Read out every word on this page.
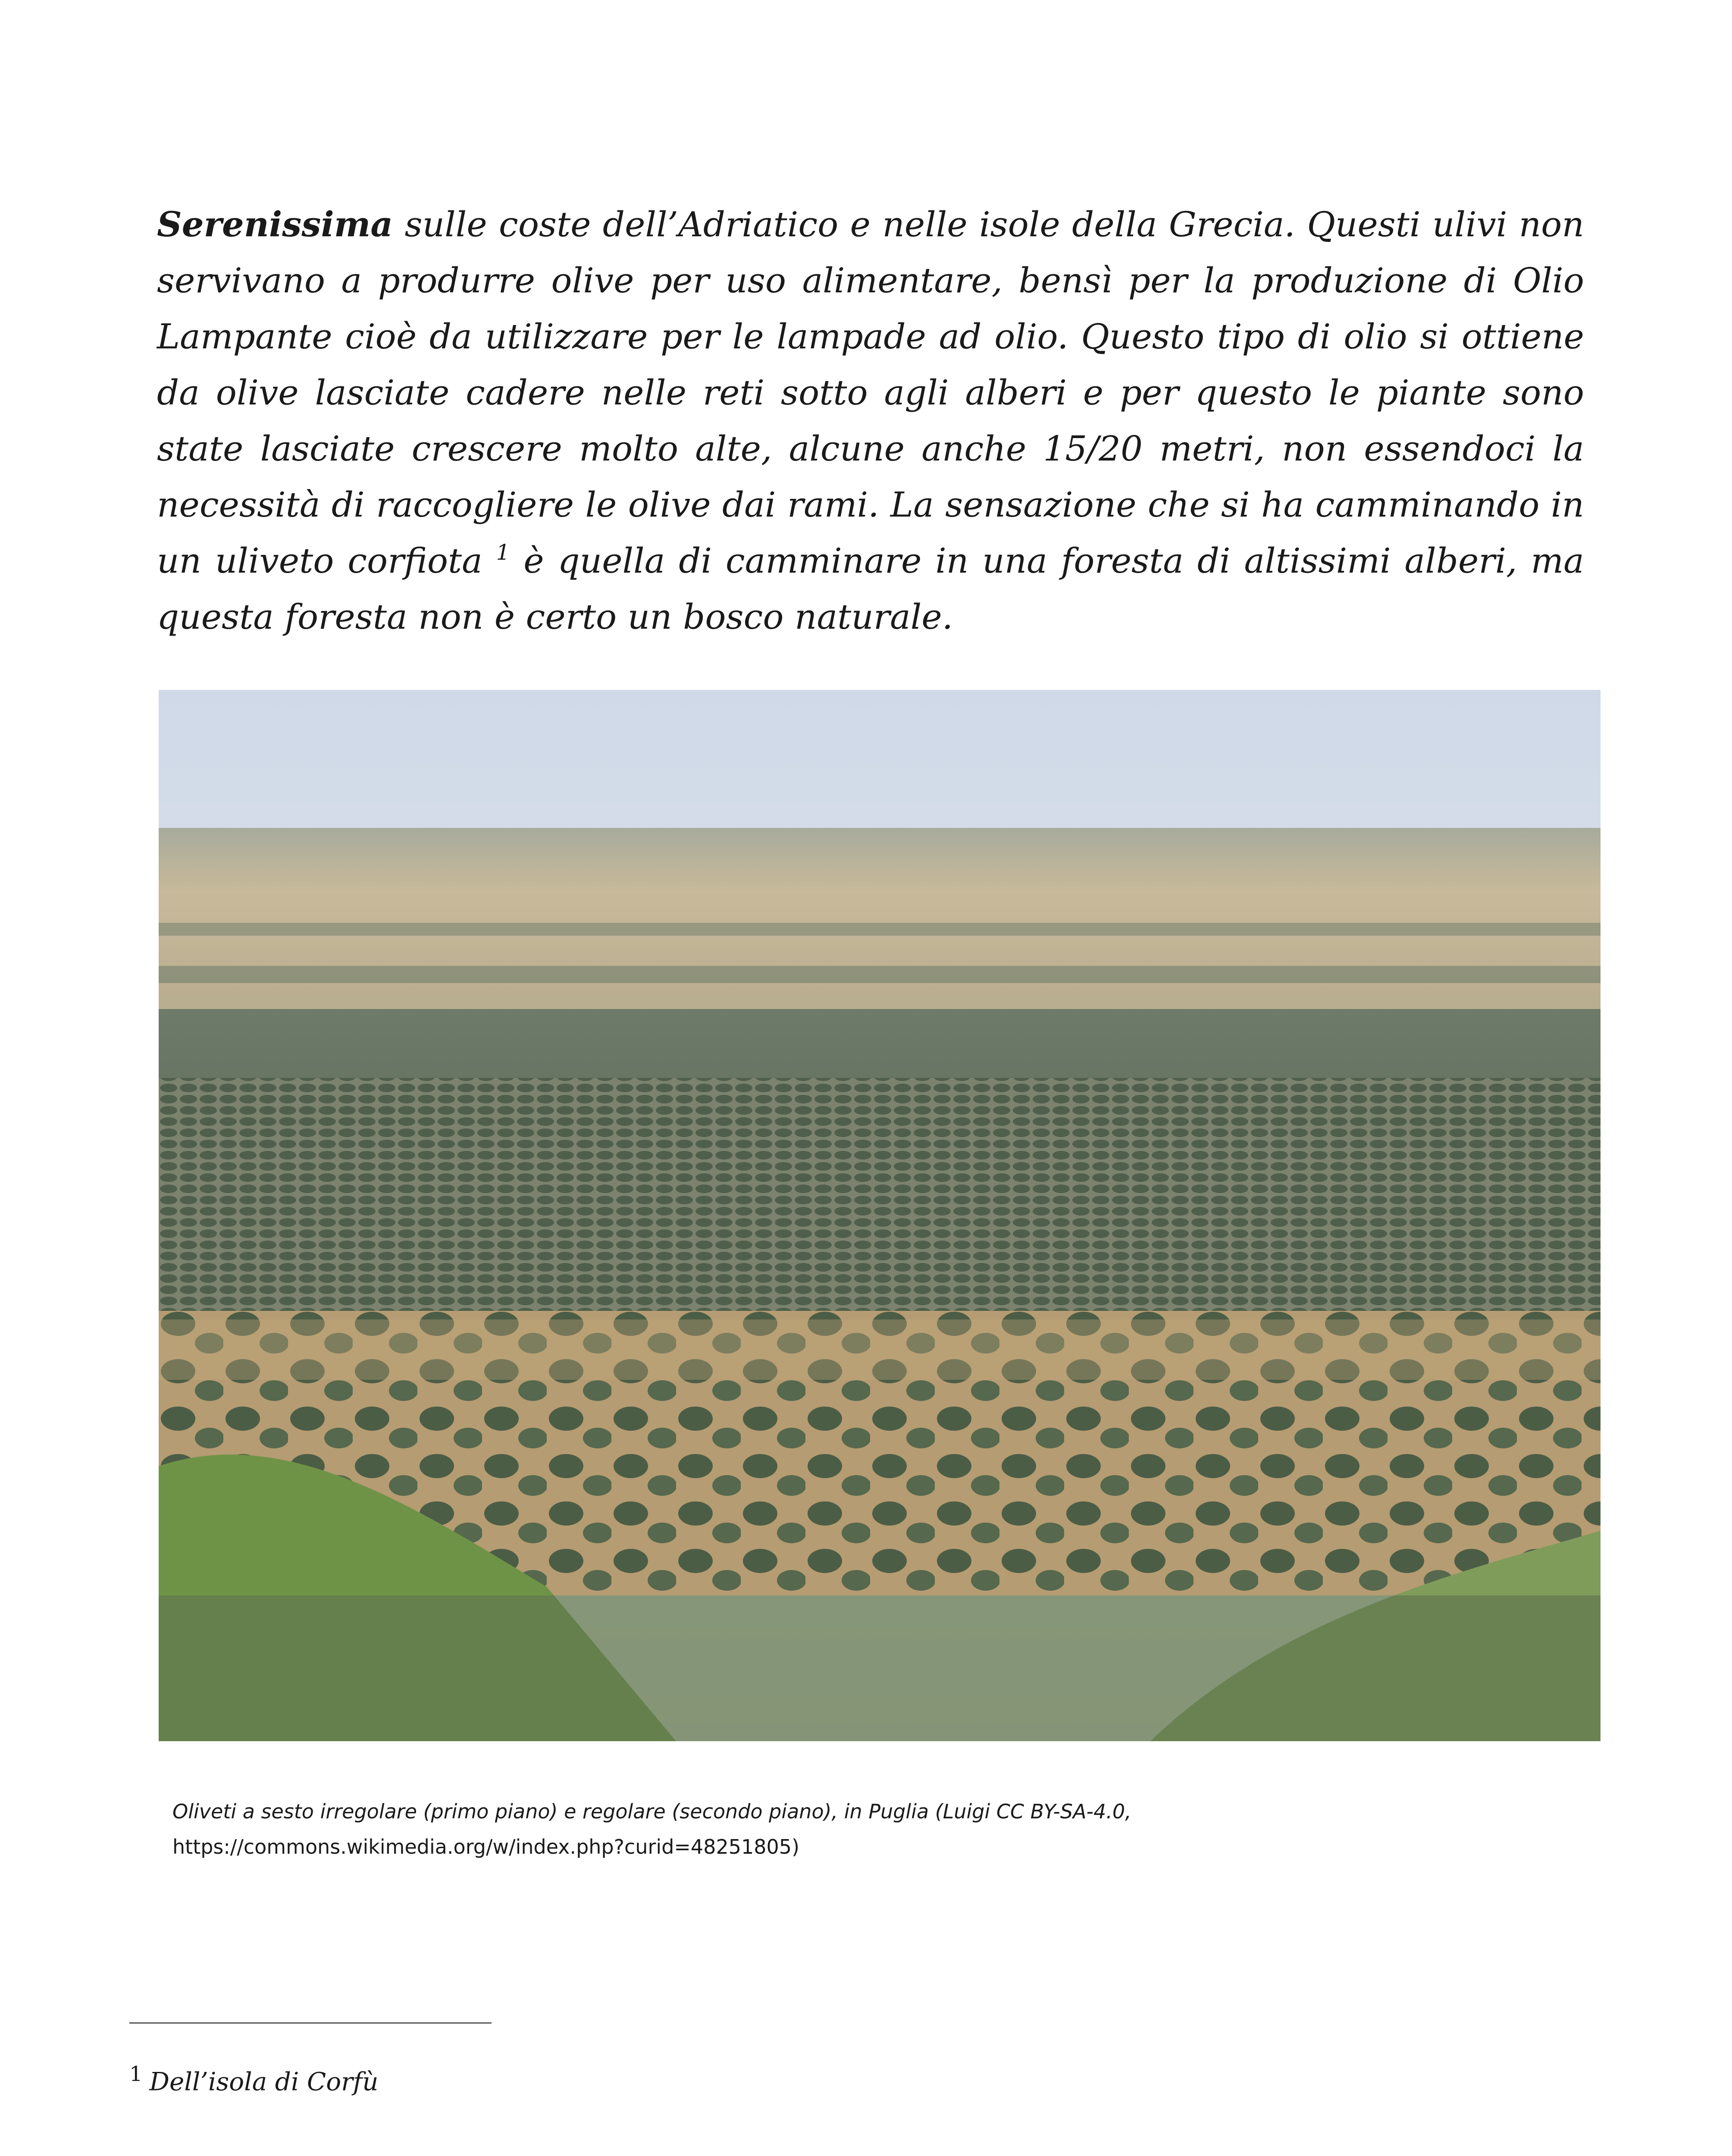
Serenissima sulle coste dell’Adriatico e nelle isole della Grecia. Questi ulivi non servivano a produrre olive per uso alimentare, bensì per la produzione di Olio Lampante cioè da utilizzare per le lampade ad olio. Questo tipo di olio si ottiene da olive lasciate cadere nelle reti sotto agli alberi e per questo le piante sono state lasciate crescere molto alte, alcune anche 15/20 metri, non essendoci la necessità di raccogliere le olive dai rami. La sensazione che si ha camminando in un uliveto corfiota $^1$ è quella di camminare in una foresta di altissimi alberi, ma questa foresta non è certo un bosco naturale.

Oliveti a sesto irregolare (primo piano) e regolare (secondo piano), in Puglia (Luigi CC BY-SA-4.0,
https://commons.wikimedia.org/w/index.php?curid=48251805)

$^1$ Dell’isola di Corfù
